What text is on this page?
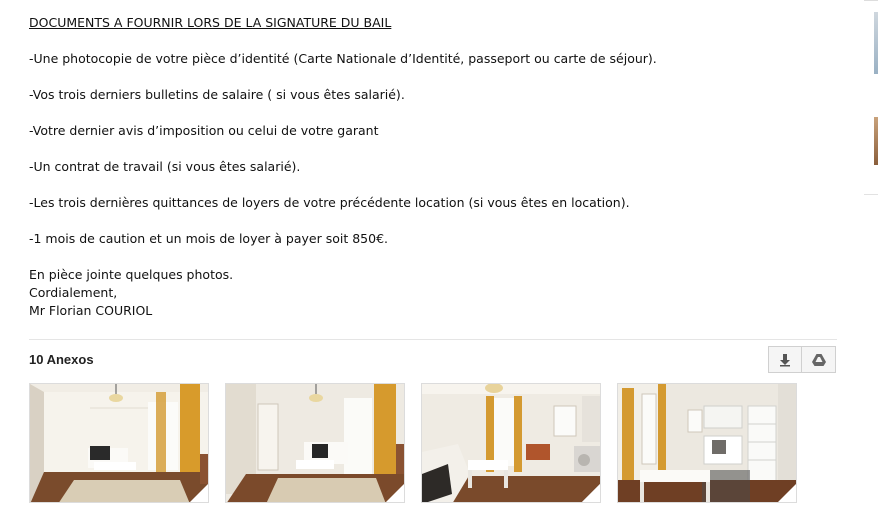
DOCUMENTS A FOURNIR LORS DE LA SIGNATURE DU BAIL

-Une photocopie de votre pièce d’identité (Carte Nationale d’Identité, passeport ou carte de séjour).

-Vos trois derniers bulletins de salaire ( si vous êtes salarié).

-Votre dernier avis d’imposition ou celui de votre garant

-Un contrat de travail (si vous êtes salarié).

-Les trois dernières quittances de loyers de votre précédente location (si vous êtes en location).

-1 mois de caution et un mois de loyer à payer soit 850€.

En pièce jointe quelques photos.

Cordialement,

Mr Florian COURIOL

10 Anexos
